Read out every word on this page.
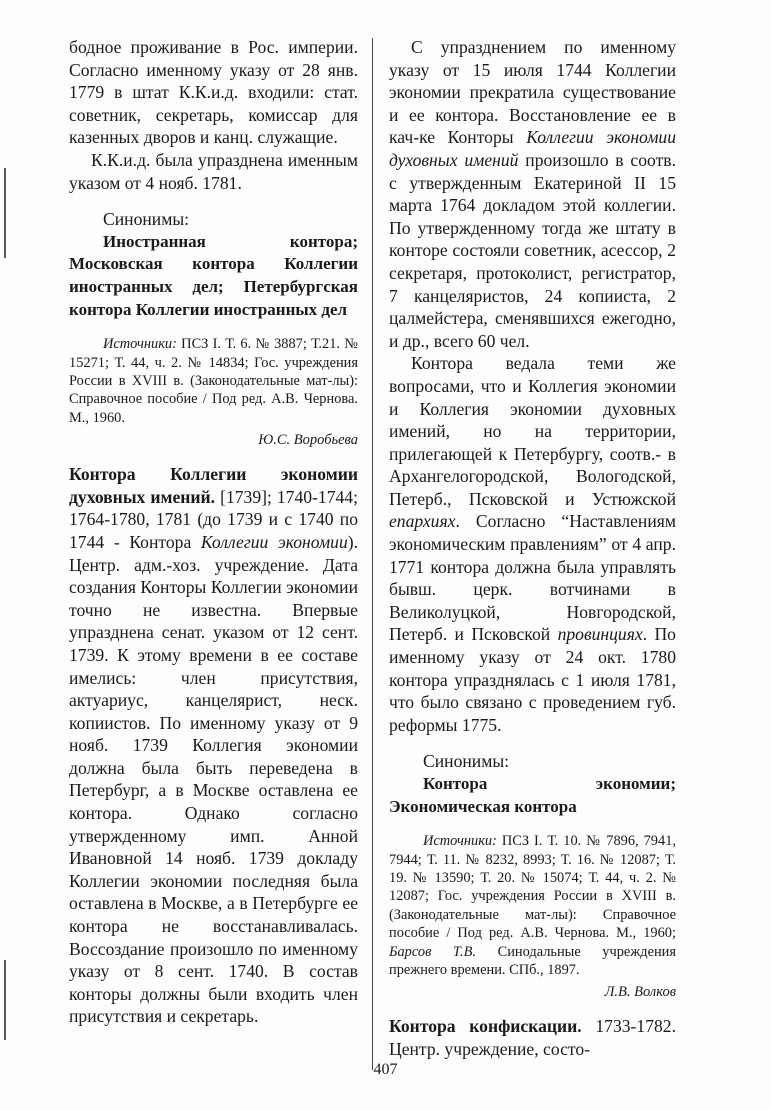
бодное проживание в Рос. империи. Согласно именному указу от 28 янв. 1779 в штат К.К.и.д. входили: стат. советник, секретарь, комиссар для казенных дворов и канц. служащие.

К.К.и.д. была упразднена именным указом от 4 нояб. 1781.

Синонимы:

Иностранная контора; Московская контора Коллегии иностранных дел; Петербургская контора Коллегии иностранных дел

Источники: ПСЗ I. Т. 6. № 3887; Т.21. № 15271; Т. 44, ч. 2. № 14834; Гос. учреждения России в XVIII в. (Законодательные мат-лы): Справочное пособие / Под ред. А.В. Чернова. М., 1960.

Ю.С. Воробьева

Контора Коллегии экономии духовных имений. [1739]; 1740-1744; 1764-1780, 1781 (до 1739 и с 1740 по 1744 - Контора Коллегии экономии). Центр. адм.-хоз. учреждение. Дата создания Конторы Коллегии экономии точно не известна. Впервые упразднена сенат. указом от 12 сент. 1739. К этому времени в ее составе имелись: член присутствия, актуариус, канцелярист, неск. копиистов. По именному указу от 9 нояб. 1739 Коллегия экономии должна была быть переведена в Петербург, а в Москве оставлена ее контора. Однако согласно утвержденному имп. Анной Ивановной 14 нояб. 1739 докладу Коллегии экономии последняя была оставлена в Москве, а в Петербурге ее контора не восстанавливалась. Воссоздание произошло по именному указу от 8 сент. 1740. В состав конторы должны были входить член присутствия и секретарь.

С упразднением по именному указу от 15 июля 1744 Коллегии экономии прекратила существование и ее контора. Восстановление ее в кач-ке Конторы Коллегии экономии духовных имений произошло в соотв. с утвержденным Екатериной II 15 марта 1764 докладом этой коллегии. По утвержденному тогда же штату в конторе состояли советник, асессор, 2 секретаря, протоколист, регистратор, 7 канцеляристов, 24 копииста, 2 цалмейстера, сменявшихся ежегодно, и др., всего 60 чел.

Контора ведала теми же вопросами, что и Коллегия экономии и Коллегия экономии духовных имений, но на территории, прилегающей к Петербургу, соотв.- в Архангелогородской, Вологодской, Петерб., Псковской и Устюжской епархиях. Согласно “Наставлениям экономическим правлениям” от 4 апр. 1771 контора должна была управлять бывш. церк. вотчинами в Великолуцкой, Новгородской, Петерб. и Псковской провинциях. По именному указу от 24 окт. 1780 контора упразднялась с 1 июля 1781, что было связано с проведением губ. реформы 1775.

Синонимы:

Контора экономии; Экономическая контора

Источники: ПСЗ I. Т. 10. № 7896, 7941, 7944; Т. 11. № 8232, 8993; Т. 16. № 12087; Т. 19. № 13590; Т. 20. № 15074; Т. 44, ч. 2. № 12087; Гос. учреждения России в XVIII в.(Законодательные мат-лы): Справочное пособие / Под ред. А.В. Чернова. М., 1960; Барсов Т.В. Синодальные учреждения прежнего времени. СПб., 1897.

Л.В. Волков

Контора конфискации. 1733-1782. Центр. учреждение, состо-

407
